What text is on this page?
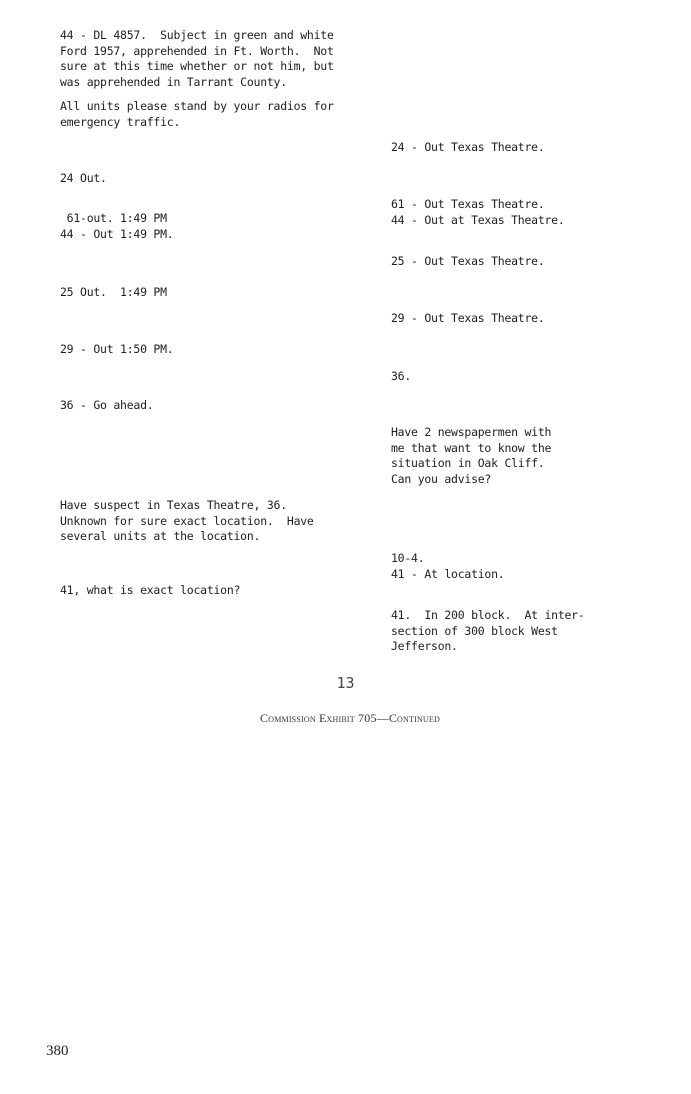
44 - DL 4857.  Subject in green and white
Ford 1957, apprehended in Ft. Worth.  Not
sure at this time whether or not him, but
was apprehended in Tarrant County.
All units please stand by your radios for
emergency traffic.
24 Out.
61-out. 1:49 PM
44 - Out 1:49 PM.
25 Out.  1:49 PM
29 - Out 1:50 PM.
36 - Go ahead.
Have suspect in Texas Theatre, 36.
Unknown for sure exact location.  Have
several units at the location.
41, what is exact location?
24 - Out Texas Theatre.
61 - Out Texas Theatre.
44 - Out at Texas Theatre.
25 - Out Texas Theatre.
29 - Out Texas Theatre.
36.
Have 2 newspapermen with
me that want to know the
situation in Oak Cliff.
Can you advise?
10-4.
41 - At location.
41.  In 200 block.  At inter-
section of 300 block West
Jefferson.
13
Commission Exhibit 705—Continued
380
